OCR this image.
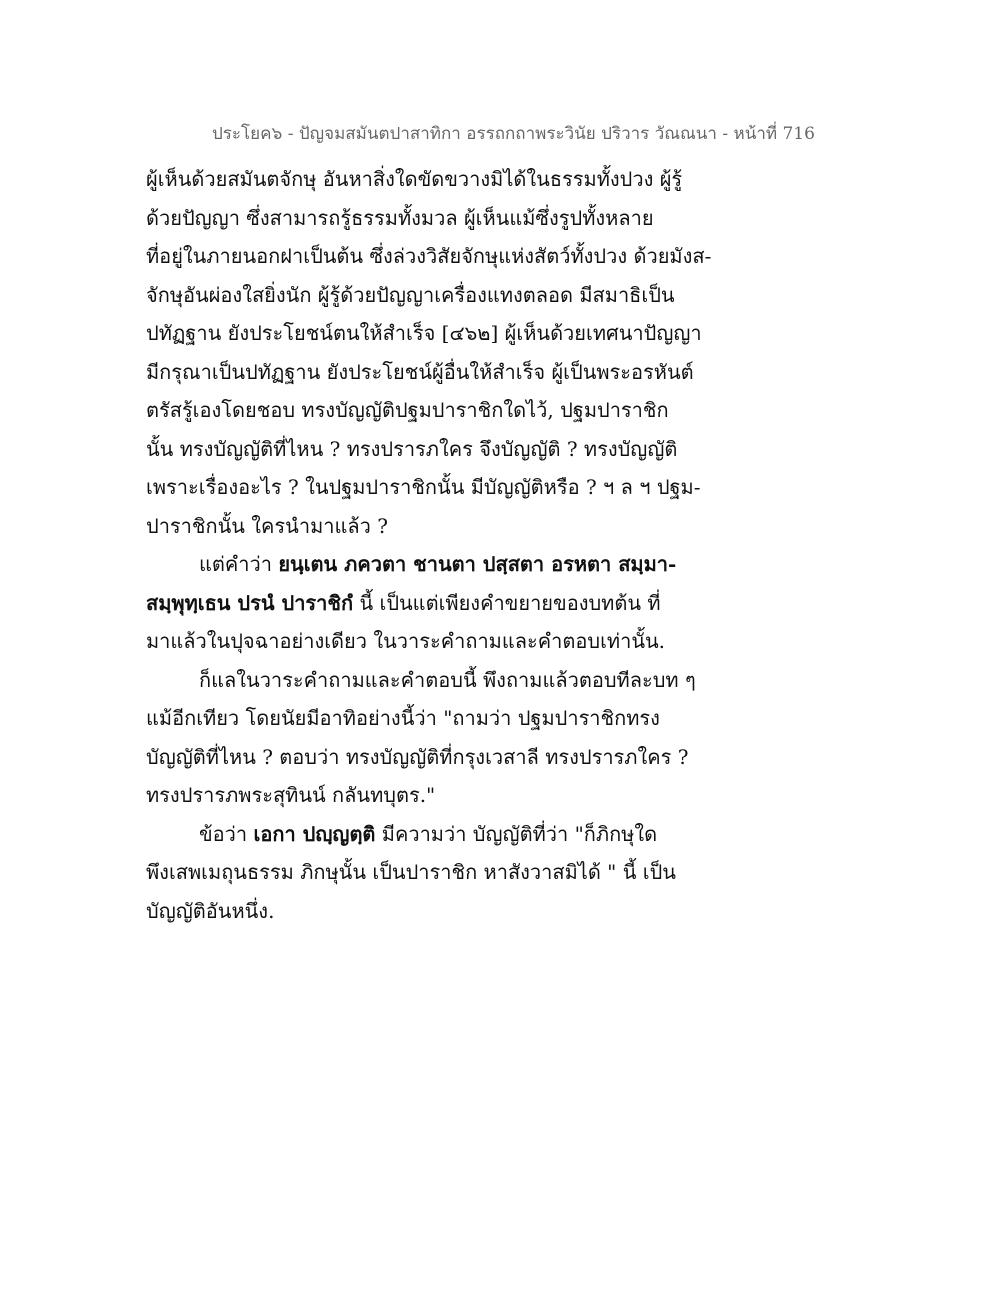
ประโยค๖ - ปัญจมสมันตปาสาทิกา อรรถกถาพระวินัย ปริวาร วัณณนา - หน้าที่ 716
ผู้เห็นด้วยสมันตจักษุ อันหาสิ่งใดขัดขวางมิได้ในธรรมทั้งปวง ผู้รู้
ด้วยปัญญา ซึ่งสามารถรู้ธรรมทั้งมวล ผู้เห็นแม้ซึ่งรูปทั้งหลาย
ที่อยู่ในภายนอกฝาเป็นต้น ซึ่งล่วงวิสัยจักษุแห่งสัตว์ทั้งปวง ด้วยมังส-
จักษุอันผ่องใสยิ่งนัก ผู้รู้ด้วยปัญญาเครื่องแทงตลอด มีสมาธิเป็น
ปทัฏฐาน ยังประโยชน์ตนให้สำเร็จ [๔๖๒] ผู้เห็นด้วยเทศนาปัญญา
มีกรุณาเป็นปทัฏฐาน ยังประโยชน์ผู้อื่นให้สำเร็จ ผู้เป็นพระอรหันต์
ตรัสรู้เองโดยชอบ ทรงบัญญัติปฐมปาราชิกใดไว้, ปฐมปาราชิก
นั้น ทรงบัญญัติที่ไหน ? ทรงปรารภใคร จึงบัญญัติ ? ทรงบัญญัติ
เพราะเรื่องอะไร ? ในปฐมปาราชิกนั้น มีบัญญัติหรือ ? ฯ ล ฯ ปฐม-
ปาราชิกนั้น ใครนำมาแล้ว ?
แต่คำว่า ยนฺเตน ภควตา ชานตา ปสฺสตา อรหตา สมฺมา-
สมฺพุทฺเธน ปรนํ ปาราชิกํ นี้ เป็นแต่เพียงคำขยายของบทต้น ที่
มาแล้วในปุจฉาอย่างเดียว ในวาระคำถามและคำตอบเท่านั้น.
ก็แลในวาระคำถามและคำตอบนี้ พึงถามแล้วตอบทีละบท ๆ
แม้อีกเทียว โดยนัยมีอาทิอย่างนี้ว่า "ถามว่า ปฐมปาราชิกทรง
บัญญัติที่ไหน ? ตอบว่า ทรงบัญญัติที่กรุงเวสาลี ทรงปรารภใคร ?
ทรงปรารภพระสุทินน์ กลันทบุตร."
ข้อว่า เอกา ปญฺญตฺติ มีความว่า บัญญัติที่ว่า "ก็ภิกษุใด
พึงเสพเมถุนธรรม ภิกษุนั้น เป็นปาราชิก หาสังวาสมิได้ " นี้ เป็น
บัญญัติอันหนึ่ง.
